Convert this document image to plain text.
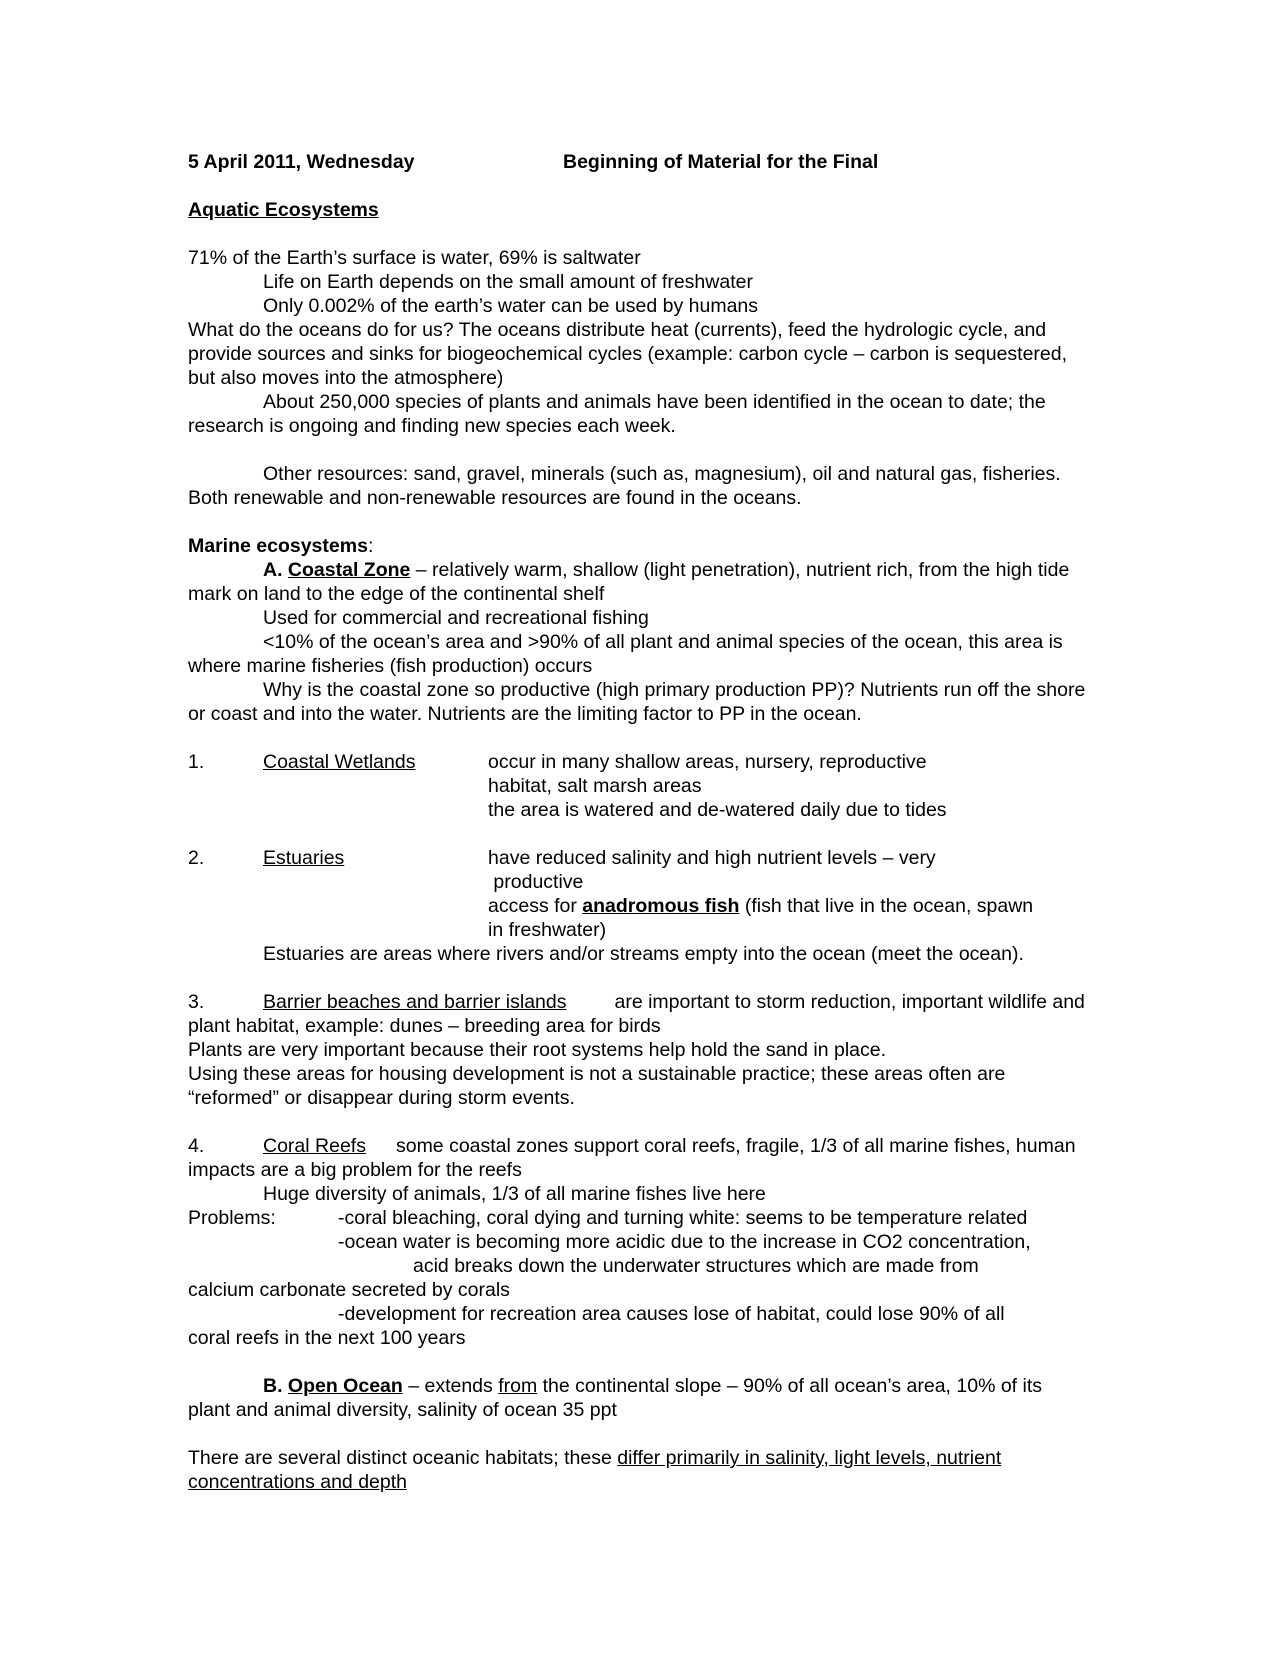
5 April 2011, Wednesday	Beginning of Material for the Final

Aquatic Ecosystems

71% of the Earth’s surface is water, 69% is saltwater

Life on Earth depends on the small amount of freshwater

Only 0.002% of the earth’s water can be used by humans

What do the oceans do for us? The oceans distribute heat (currents), feed the hydrologic cycle, and provide sources and sinks for biogeochemical cycles (example: carbon cycle – carbon is sequestered, but also moves into the atmosphere)

About 250,000 species of plants and animals have been identified in the ocean to date; the research is ongoing and finding new species each week.

Other resources: sand, gravel, minerals (such as, magnesium), oil and natural gas, fisheries. Both renewable and non-renewable resources are found in the oceans.

Marine ecosystems:

A. Coastal Zone – relatively warm, shallow (light penetration), nutrient rich, from the high tide mark on land to the edge of the continental shelf

Used for commercial and recreational fishing

<10% of the ocean’s area and >90% of all plant and animal species of the ocean, this area is where marine fisheries (fish production) occurs

Why is the coastal zone so productive (high primary production PP)? Nutrients run off the shore or coast and into the water. Nutrients are the limiting factor to PP in the ocean.

1.	Coastal Wetlands	occur in many shallow areas, nursery, reproductive

habitat, salt marsh areas

the area is watered and de-watered daily due to tides

2.	Estuaries	have reduced salinity and high nutrient levels – very

productive

access for anadromous fish (fish that live in the ocean, spawn

in freshwater)

Estuaries are areas where rivers and/or streams empty into the ocean (meet the ocean).

3.	Barrier beaches and barrier islands are important to storm reduction, important wildlife and plant habitat, example: dunes – breeding area for birds

Plants are very important because their root systems help hold the sand in place.

Using these areas for housing development is not a sustainable practice; these areas often are “reformed” or disappear during storm events.

4.	Coral Reefs some coastal zones support coral reefs, fragile, 1/3 of all marine fishes, human impacts are a big problem for the reefs

Huge diversity of animals, 1/3 of all marine fishes live here

Problems:	-coral bleaching, coral dying and turning white: seems to be temperature related

-ocean water is becoming more acidic due to the increase in CO2 concentration,

acid breaks down the underwater structures which are made from

calcium carbonate secreted by corals

-development for recreation area causes lose of habitat, could lose 90% of all

coral reefs in the next 100 years

B. Open Ocean – extends from the continental slope – 90% of all ocean’s area, 10% of its plant and animal diversity, salinity of ocean 35 ppt

There are several distinct oceanic habitats; these differ primarily in salinity, light levels, nutrient concentrations and depth
